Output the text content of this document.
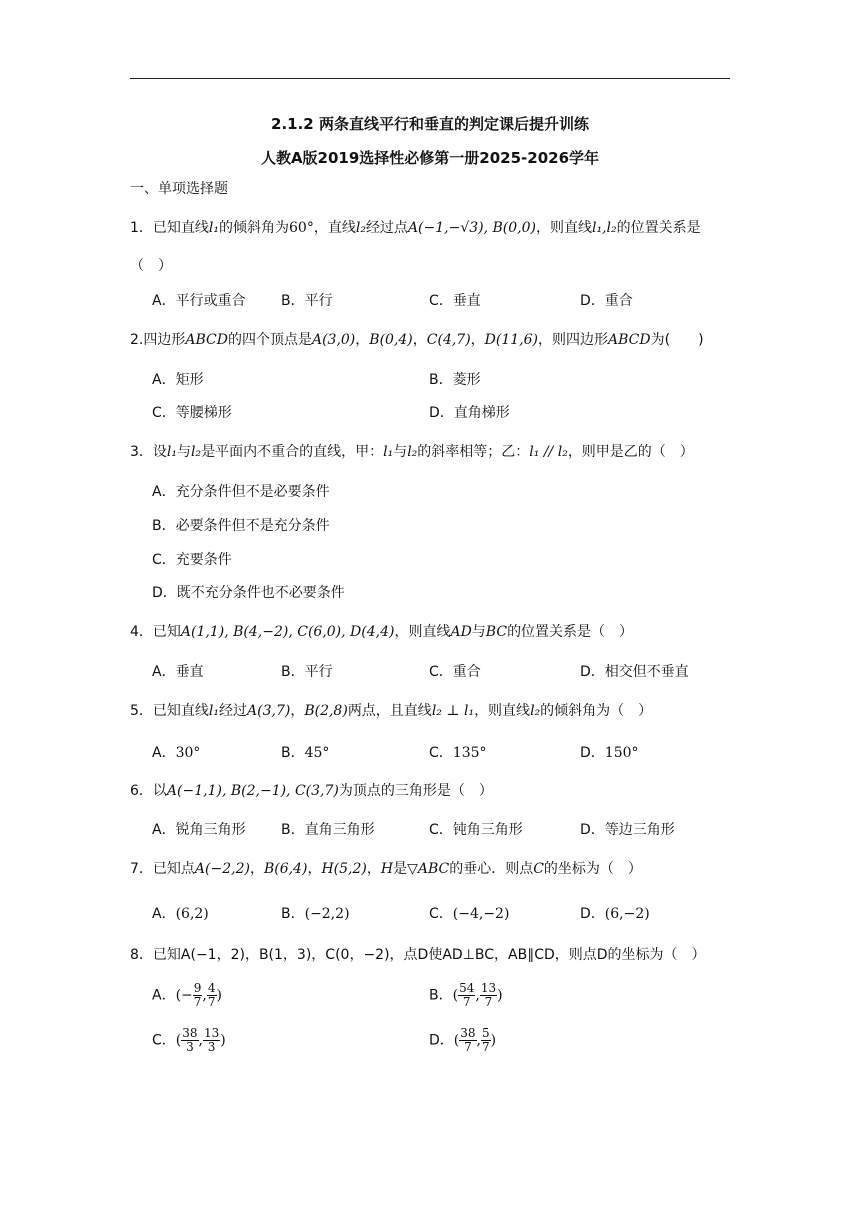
2.1.2 两条直线平行和垂直的判定课后提升训练
人教A版2019选择性必修第一册2025-2026学年
一、单项选择题
1．已知直线l₁的倾斜角为60°，直线l₂经过点A(−1,−√3), B(0,0)，则直线l₁,l₂的位置关系是
（　）
A．平行或重合	B．平行	C．垂直	D．重合
2.四边形ABCD的四个顶点是A(3,0)，B(0,4)，C(4,7)，D(11,6)，则四边形ABCD为(　　)
A．矩形	B．菱形
C．等腰梯形	D．直角梯形
3．设l₁与l₂是平面内不重合的直线，甲：l₁与l₂的斜率相等；乙：l₁ // l₂，则甲是乙的（　）
A．充分条件但不是必要条件
B．必要条件但不是充分条件
C．充要条件
D．既不充分条件也不必要条件
4．已知A(1,1), B(4,−2), C(6,0), D(4,4)，则直线AD与BC的位置关系是（　）
A．垂直	B．平行	C．重合	D．相交但不垂直
5．已知直线l₁经过A(3,7)，B(2,8)两点，且直线l₂ ⊥ l₁，则直线l₂的倾斜角为（　）
A．30°	B．45°	C．135°	D．150°
6．以A(−1,1), B(2,−1), C(3,7)为顶点的三角形是（　）
A．锐角三角形	B．直角三角形	C．钝角三角形	D．等边三角形
7．已知点A(−2,2)，B(6,4)，H(5,2)，H是▽ABC的垂心．则点C的坐标为（　）
A．(6,2)	B．(−2,2)	C．(−4,−2)	D．(6,−2)
8．已知A(−1，2)，B(1，3)，C(0，−2)，点D使AD⊥BC，AB∥CD，则点D的坐标为（　）
A．(− $\frac{9}{7}$ , $\frac{4}{7}$ )	B．( $\frac{54}{7}$ , $\frac{13}{7}$ )
C．( $\frac{38}{3}$ , $\frac{13}{3}$ )	D．( $\frac{38}{7}$ , $\frac{5}{7}$ )
